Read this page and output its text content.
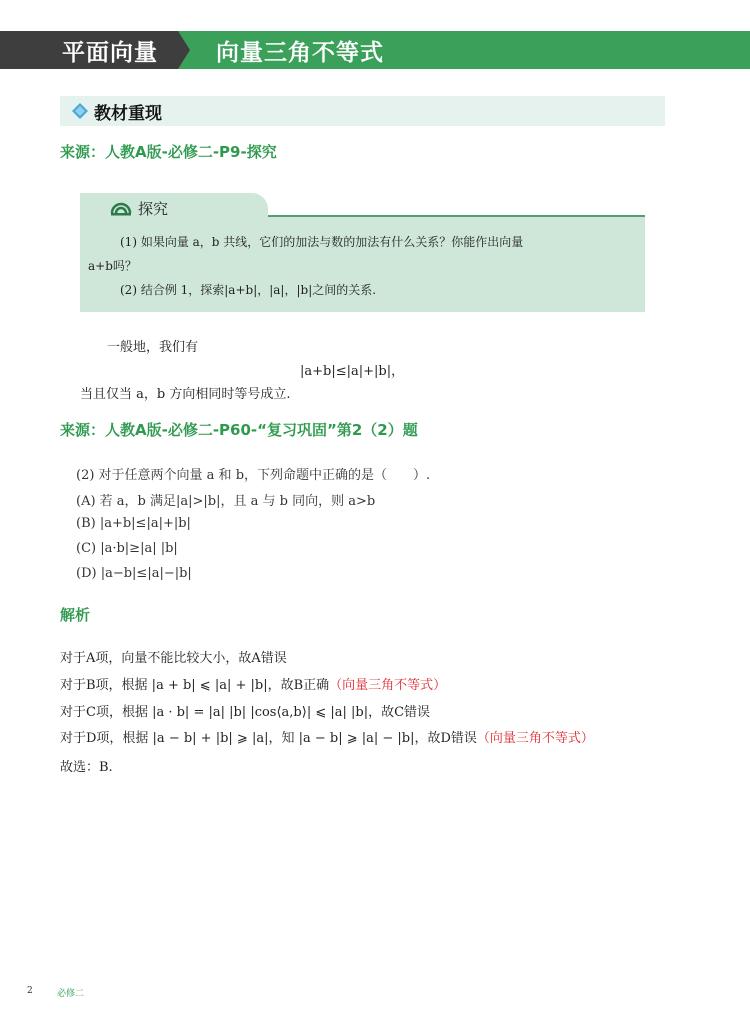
平面向量	向量三角不等式
教材重现
来源：人教A版-必修二-P9-探究
(1) 如果向量 a，b 共线，它们的加法与数的加法有什么关系？你能作出向量
a+b吗？
(2) 结合例 1，探索|a+b|，|a|，|b|之间的关系.
探究
一般地，我们有
|a+b|≤|a|+|b|，
当且仅当 a，b 方向相同时等号成立.
来源：人教A版-必修二-P60-“复习巩固”第2（2）题
(2) 对于任意两个向量 a 和 b，下列命题中正确的是（　　）.
(A) 若 a，b 满足|a|>|b|，且 a 与 b 同向，则 a>b
(B) |a+b|≤|a|+|b|
(C) |a·b|≥|a| |b|
(D) |a−b|≤|a|−|b|
解析
对于A项，向量不能比较大小，故A错误
对于B项，根据 |a + b| ⩽ |a| + |b|，故B正确（向量三角不等式）
对于C项，根据 |a · b| = |a| |b| |cos⟨a,b⟩| ⩽ |a| |b|，故C错误
对于D项，根据 |a − b| + |b| ⩾ |a|，知 |a − b| ⩾ |a| − |b|，故D错误（向量三角不等式）
故选：B.
2	必修二
